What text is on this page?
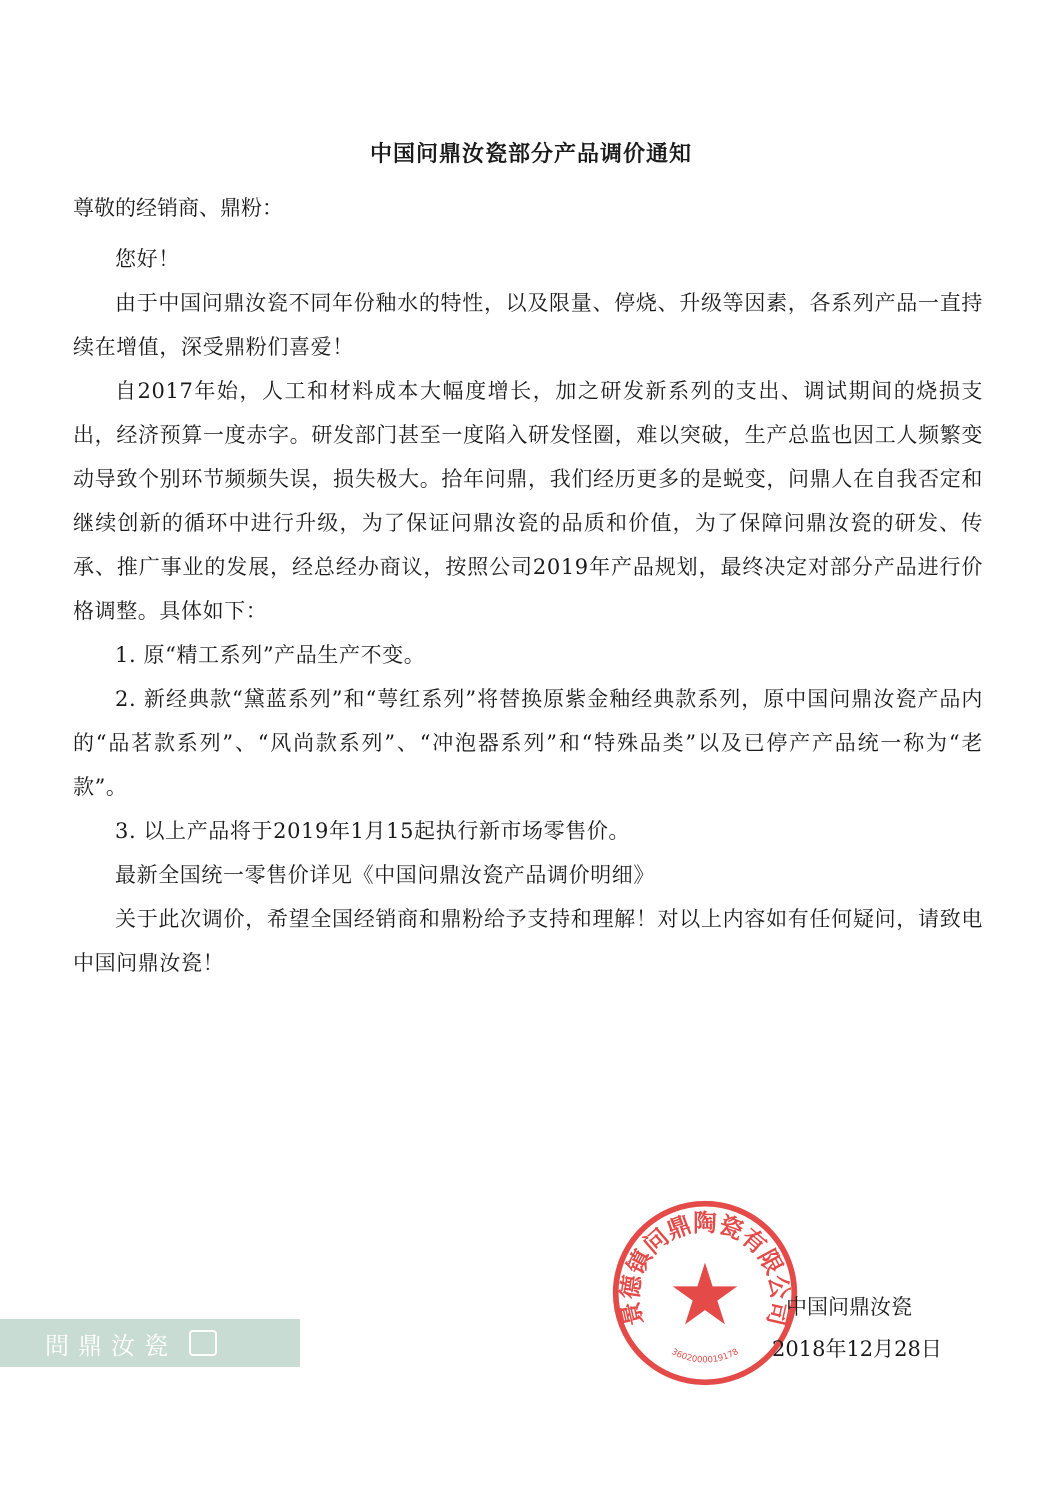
中国问鼎汝瓷部分产品调价通知
尊敬的经销商、鼎粉：

您好！

由于中国问鼎汝瓷不同年份釉水的特性，以及限量、停烧、升级等因素，各系列产品一直持续在增值，深受鼎粉们喜爱！

自2017年始，人工和材料成本大幅度增长，加之研发新系列的支出、调试期间的烧损支出，经济预算一度赤字。研发部门甚至一度陷入研发怪圈，难以突破，生产总监也因工人频繁变动导致个别环节频频失误，损失极大。拾年问鼎，我们经历更多的是蜕变，问鼎人在自我否定和继续创新的循环中进行升级，为了保证问鼎汝瓷的品质和价值，为了保障问鼎汝瓷的研发、传承、推广事业的发展，经总经办商议，按照公司2019年产品规划，最终决定对部分产品进行价格调整。具体如下：

1. 原“精工系列”产品生产不变。

2. 新经典款“黛蓝系列”和“萼红系列”将替换原紫金釉经典款系列，原中国问鼎汝瓷产品内的“品茗款系列”、“风尚款系列”、“冲泡器系列”和“特殊品类”以及已停产产品统一称为“老款”。

3. 以上产品将于2019年1月15起执行新市场零售价。

最新全国统一零售价详见《中国问鼎汝瓷产品调价明细》

关于此次调价，希望全国经销商和鼎粉给予支持和理解！对以上内容如有任何疑问，请致电中国问鼎汝瓷！

景德镇问鼎陶瓷有限公司
3602000019178
中国问鼎汝瓷
2018年12月28日
問鼎汝瓷
